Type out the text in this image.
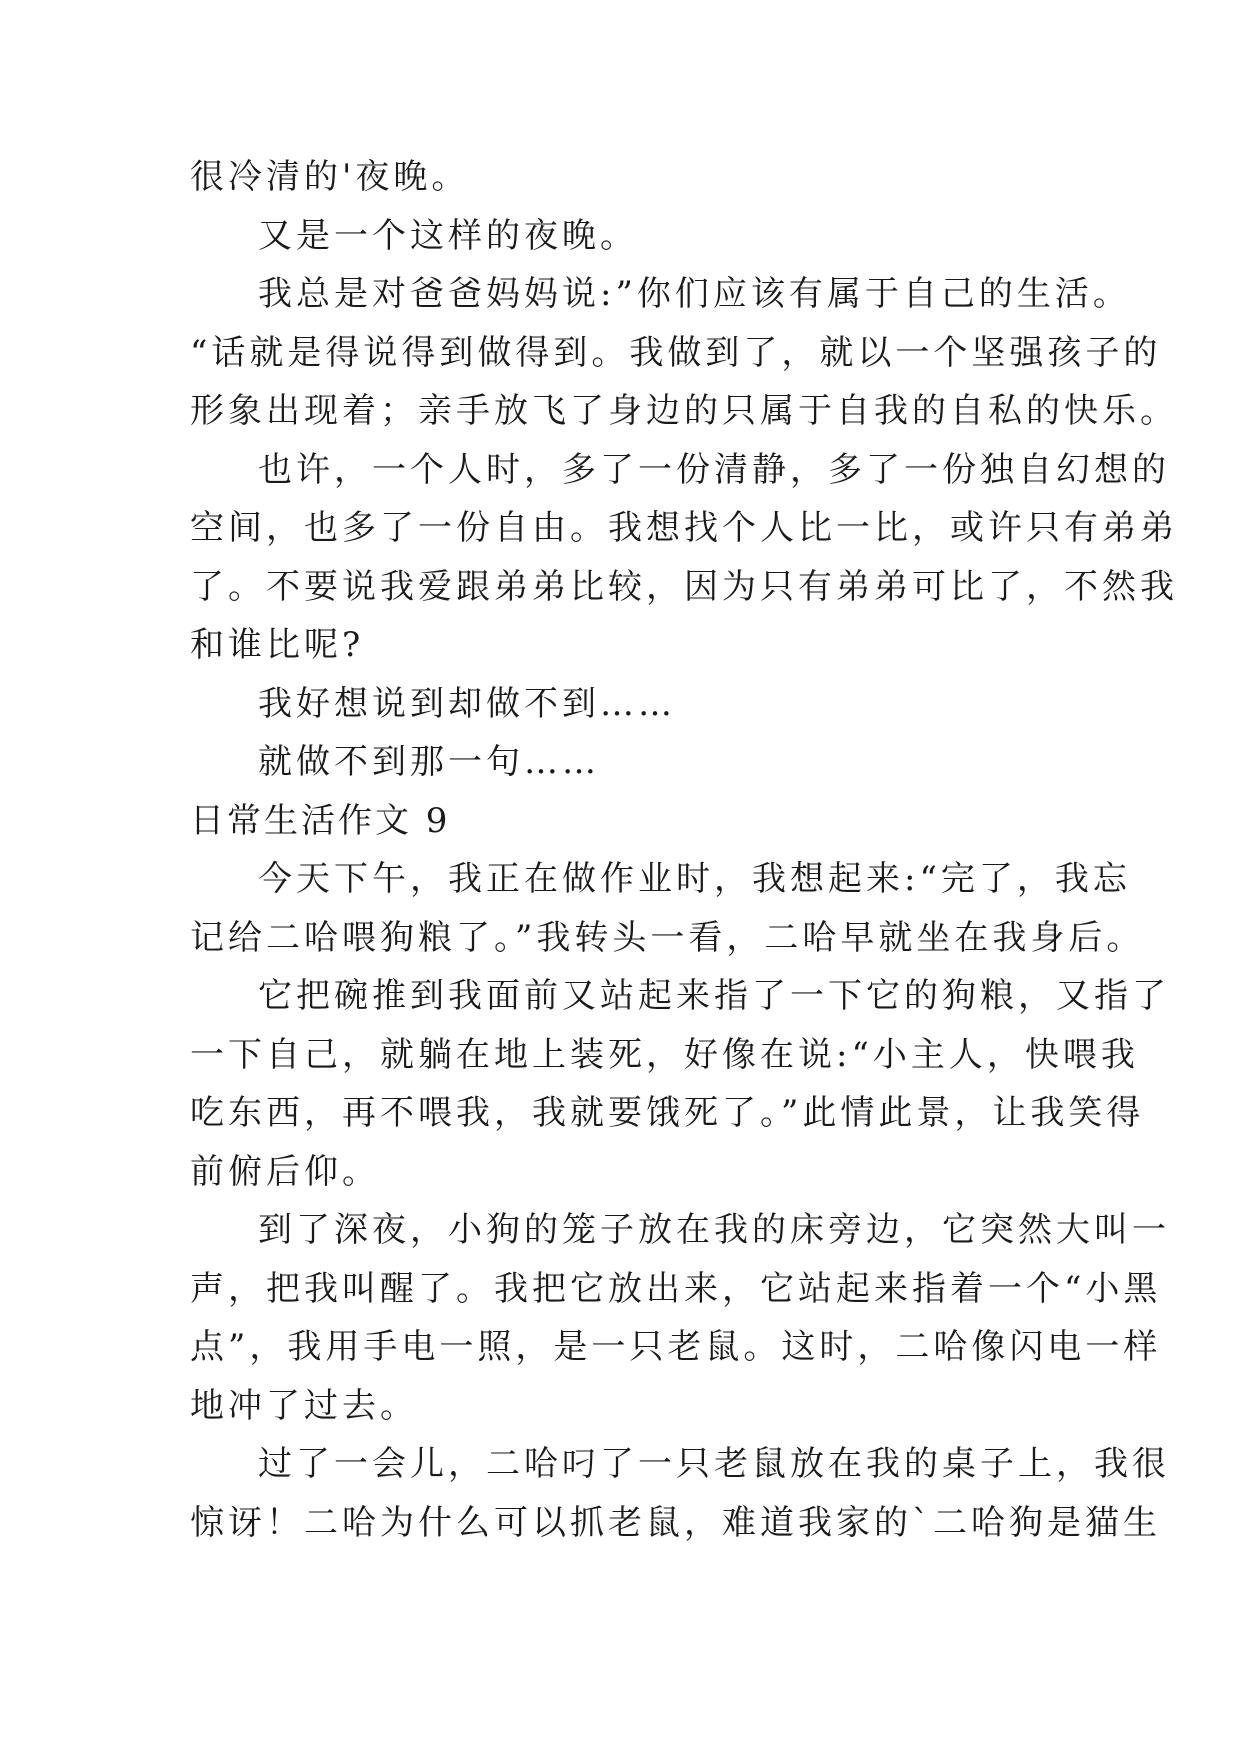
很冷清的'夜晚。
又是一个这样的夜晚。
我总是对爸爸妈妈说:”你们应该有属于自己的生活。
“话就是得说得到做得到。我做到了，就以一个坚强孩子的
形象出现着；亲手放飞了身边的只属于自我的自私的快乐。
也许，一个人时，多了一份清静，多了一份独自幻想的
空间，也多了一份自由。我想找个人比一比，或许只有弟弟
了。不要说我爱跟弟弟比较，因为只有弟弟可比了，不然我
和谁比呢?
我好想说到却做不到……
就做不到那一句……
日常生活作文 9
今天下午，我正在做作业时，我想起来:“完了，我忘
记给二哈喂狗粮了。”我转头一看，二哈早就坐在我身后。
它把碗推到我面前又站起来指了一下它的狗粮，又指了
一下自己，就躺在地上装死，好像在说:“小主人，快喂我
吃东西，再不喂我，我就要饿死了。”此情此景，让我笑得
前俯后仰。
到了深夜，小狗的笼子放在我的床旁边，它突然大叫一
声，把我叫醒了。我把它放出来，它站起来指着一个“小黑
点”，我用手电一照，是一只老鼠。这时，二哈像闪电一样
地冲了过去。
过了一会儿，二哈叼了一只老鼠放在我的桌子上，我很
惊讶！二哈为什么可以抓老鼠，难道我家的`二哈狗是猫生
